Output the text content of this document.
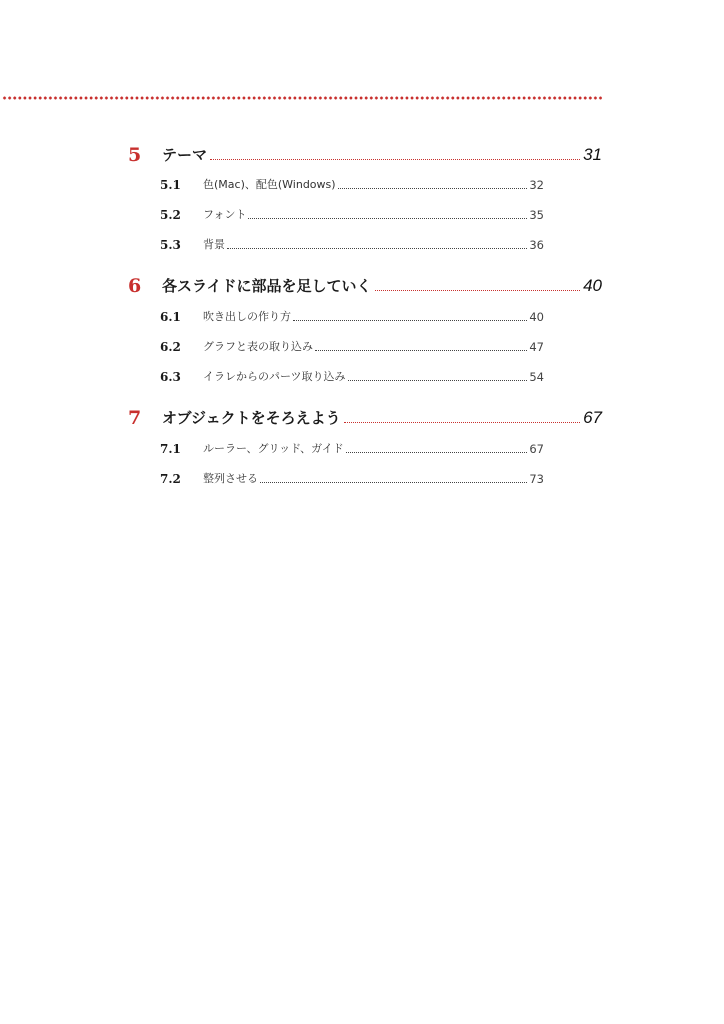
5	テーマ	31
5.1	色(Mac)、配色(Windows)	32
5.2	フォント	35
5.3	背景	36
6	各スライドに部品を足していく	40
6.1	吹き出しの作り方	40
6.2	グラフと表の取り込み	47
6.3	イラレからのパーツ取り込み	54
7	オブジェクトをそろえよう	67
7.1	ルーラー、グリッド、ガイド	67
7.2	整列させる	73
